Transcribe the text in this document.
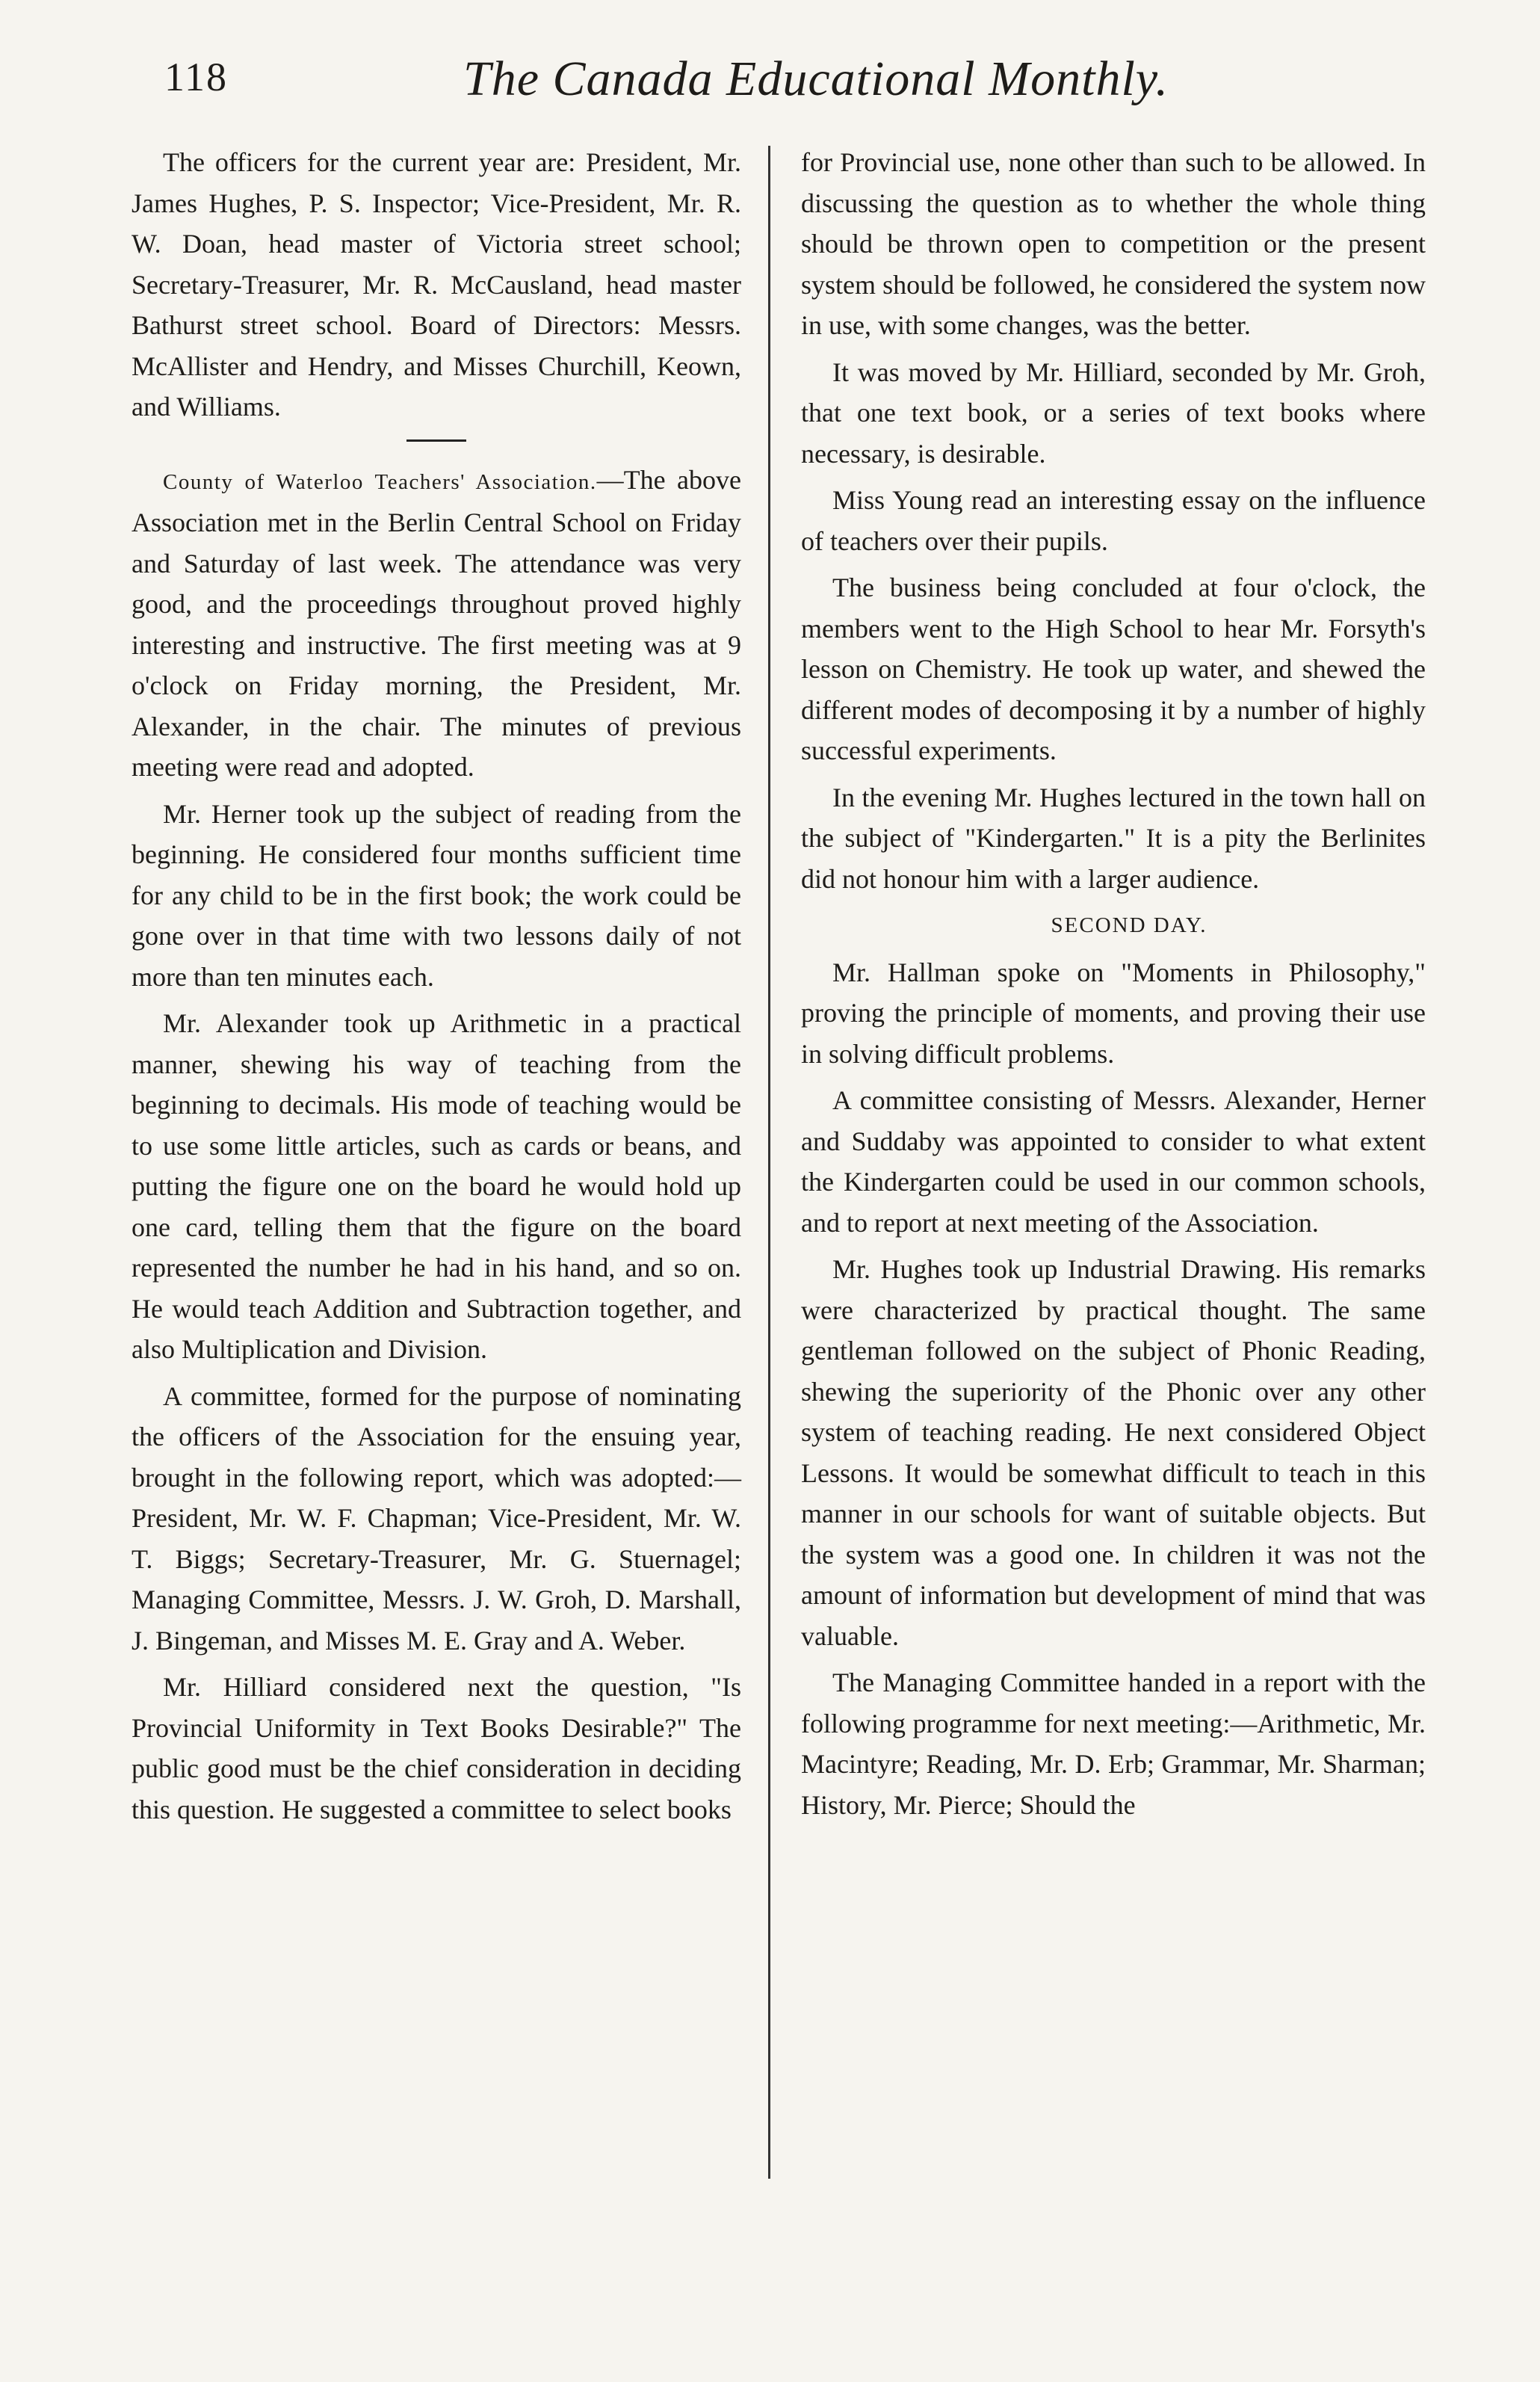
118	The Canada Educational Monthly.

The officers for the current year are: President, Mr. James Hughes, P. S. Inspector; Vice-President, Mr. R. W. Doan, head master of Victoria street school; Secretary-Treasurer, Mr. R. McCausland, head master Bathurst street school. Board of Directors: Messrs. McAllister and Hendry, and Misses Churchill, Keown, and Williams.

County of Waterloo Teachers' Association.—The above Association met in the Berlin Central School on Friday and Saturday of last week. The attendance was very good, and the proceedings throughout proved highly interesting and instructive. The first meeting was at 9 o'clock on Friday morning, the President, Mr. Alexander, in the chair. The minutes of previous meeting were read and adopted.

Mr. Herner took up the subject of reading from the beginning. He considered four months sufficient time for any child to be in the first book; the work could be gone over in that time with two lessons daily of not more than ten minutes each.

Mr. Alexander took up Arithmetic in a practical manner, shewing his way of teaching from the beginning to decimals. His mode of teaching would be to use some little articles, such as cards or beans, and putting the figure one on the board he would hold up one card, telling them that the figure on the board represented the number he had in his hand, and so on. He would teach Addition and Subtraction together, and also Multiplication and Division.

A committee, formed for the purpose of nominating the officers of the Association for the ensuing year, brought in the following report, which was adopted:—President, Mr. W. F. Chapman; Vice-President, Mr. W. T. Biggs; Secretary-Treasurer, Mr. G. Stuernagel; Managing Committee, Messrs. J. W. Groh, D. Marshall, J. Bingeman, and Misses M. E. Gray and A. Weber.

Mr. Hilliard considered next the question, "Is Provincial Uniformity in Text Books Desirable?" The public good must be the chief consideration in deciding this question. He suggested a committee to select books

for Provincial use, none other than such to be allowed. In discussing the question as to whether the whole thing should be thrown open to competition or the present system should be followed, he considered the system now in use, with some changes, was the better.

It was moved by Mr. Hilliard, seconded by Mr. Groh, that one text book, or a series of text books where necessary, is desirable.

Miss Young read an interesting essay on the influence of teachers over their pupils.

The business being concluded at four o'clock, the members went to the High School to hear Mr. Forsyth's lesson on Chemistry. He took up water, and shewed the different modes of decomposing it by a number of highly successful experiments.

In the evening Mr. Hughes lectured in the town hall on the subject of "Kindergarten." It is a pity the Berlinites did not honour him with a larger audience.

SECOND DAY.

Mr. Hallman spoke on "Moments in Philosophy," proving the principle of moments, and proving their use in solving difficult problems.

A committee consisting of Messrs. Alexander, Herner and Suddaby was appointed to consider to what extent the Kindergarten could be used in our common schools, and to report at next meeting of the Association.

Mr. Hughes took up Industrial Drawing. His remarks were characterized by practical thought. The same gentleman followed on the subject of Phonic Reading, shewing the superiority of the Phonic over any other system of teaching reading. He next considered Object Lessons. It would be somewhat difficult to teach in this manner in our schools for want of suitable objects. But the system was a good one. In children it was not the amount of information but development of mind that was valuable.

The Managing Committee handed in a report with the following programme for next meeting:—Arithmetic, Mr. Macintyre; Reading, Mr. D. Erb; Grammar, Mr. Sharman; History, Mr. Pierce; Should the
